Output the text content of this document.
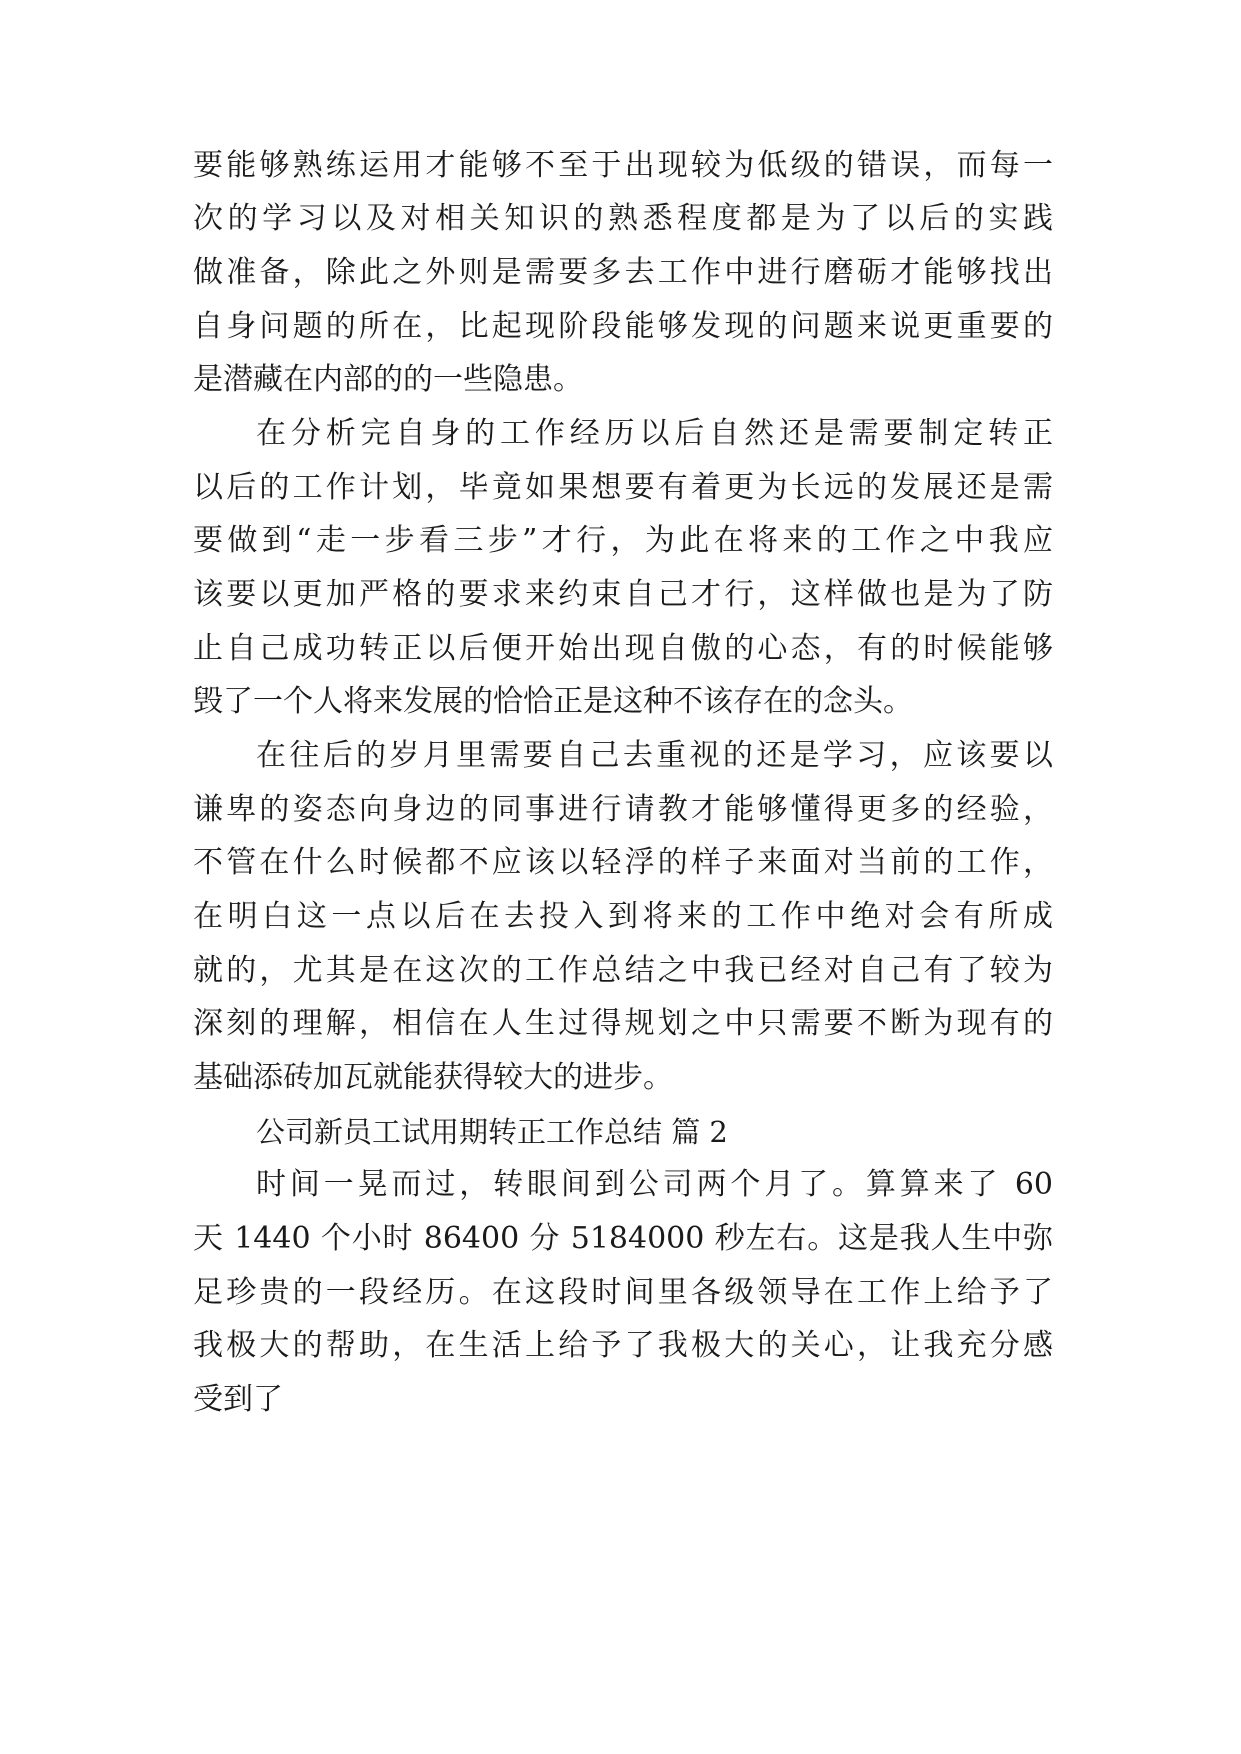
要能够熟练运用才能够不至于出现较为低级的错误，而每一
次的学习以及对相关知识的熟悉程度都是为了以后的实践
做准备，除此之外则是需要多去工作中进行磨砺才能够找出
自身问题的所在，比起现阶段能够发现的问题来说更重要的
是潜藏在内部的的一些隐患。
在分析完自身的工作经历以后自然还是需要制定转正
以后的工作计划，毕竟如果想要有着更为长远的发展还是需
要做到“走一步看三步”才行，为此在将来的工作之中我应
该要以更加严格的要求来约束自己才行，这样做也是为了防
止自己成功转正以后便开始出现自傲的心态，有的时候能够
毁了一个人将来发展的恰恰正是这种不该存在的念头。
在往后的岁月里需要自己去重视的还是学习，应该要以
谦卑的姿态向身边的同事进行请教才能够懂得更多的经验，
不管在什么时候都不应该以轻浮的样子来面对当前的工作，
在明白这一点以后在去投入到将来的工作中绝对会有所成
就的，尤其是在这次的工作总结之中我已经对自己有了较为
深刻的理解，相信在人生过得规划之中只需要不断为现有的
基础添砖加瓦就能获得较大的进步。
公司新员工试用期转正工作总结 篇 2
时间一晃而过，转眼间到公司两个月了。算算来了 60
天 1440 个小时 86400 分 5184000 秒左右。这是我人生中弥
足珍贵的一段经历。在这段时间里各级领导在工作上给予了
我极大的帮助，在生活上给予了我极大的关心，让我充分感
受到了
